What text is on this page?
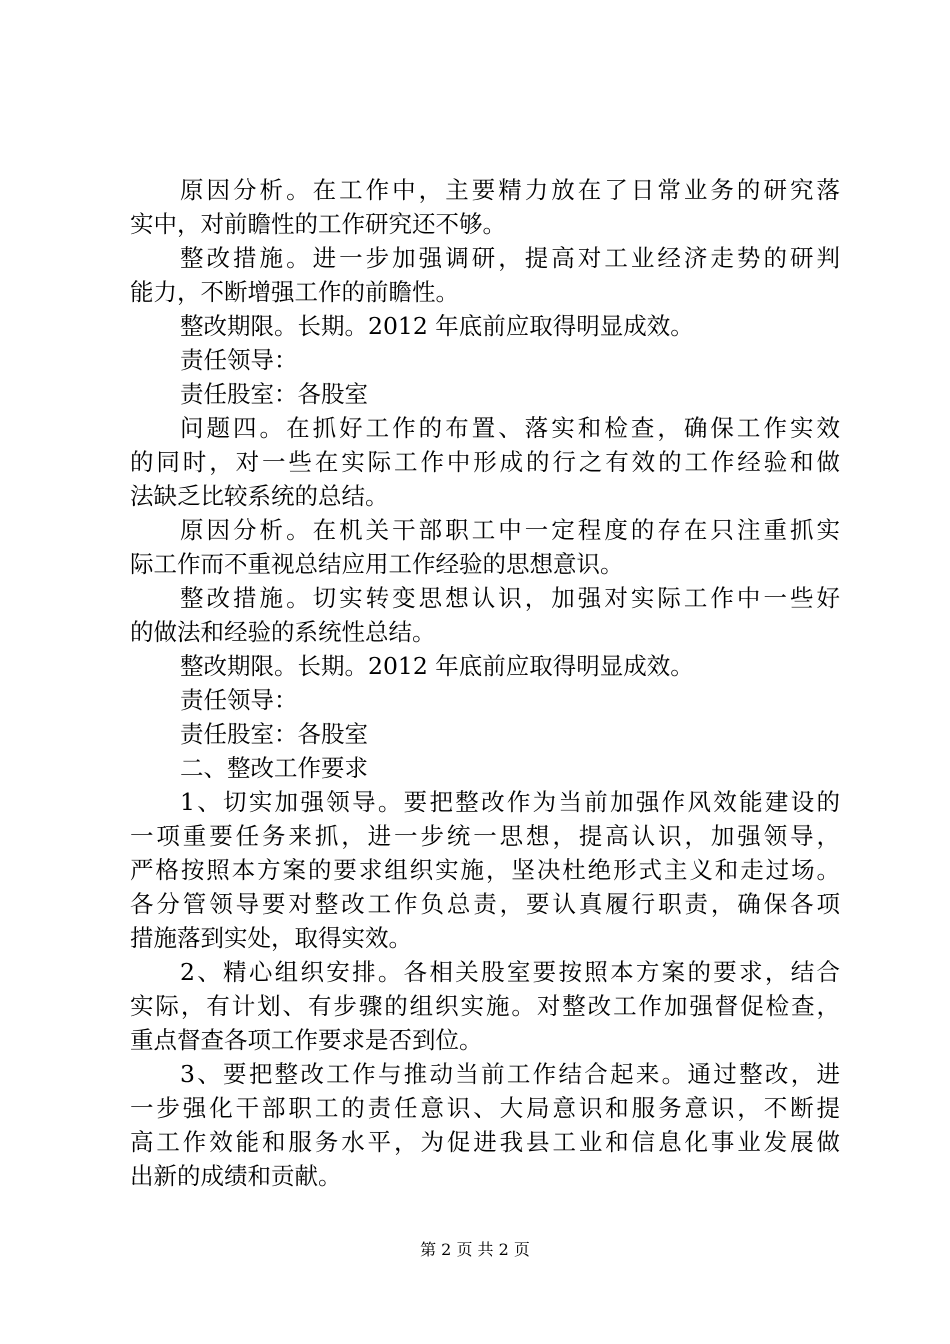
原因分析。在工作中，主要精力放在了日常业务的研究落
实中，对前瞻性的工作研究还不够。
整改措施。进一步加强调研，提高对工业经济走势的研判
能力，不断增强工作的前瞻性。
整改期限。长期。2012 年底前应取得明显成效。
责任领导：
责任股室：各股室
问题四。在抓好工作的布置、落实和检查，确保工作实效
的同时，对一些在实际工作中形成的行之有效的工作经验和做
法缺乏比较系统的总结。
原因分析。在机关干部职工中一定程度的存在只注重抓实
际工作而不重视总结应用工作经验的思想意识。
整改措施。切实转变思想认识，加强对实际工作中一些好
的做法和经验的系统性总结。
整改期限。长期。2012 年底前应取得明显成效。
责任领导：
责任股室：各股室
二、整改工作要求
1、切实加强领导。要把整改作为当前加强作风效能建设的
一项重要任务来抓，进一步统一思想，提高认识，加强领导，
严格按照本方案的要求组织实施，坚决杜绝形式主义和走过场。
各分管领导要对整改工作负总责，要认真履行职责，确保各项
措施落到实处，取得实效。
2、精心组织安排。各相关股室要按照本方案的要求，结合
实际，有计划、有步骤的组织实施。对整改工作加强督促检查，
重点督查各项工作要求是否到位。
3、要把整改工作与推动当前工作结合起来。通过整改，进
一步强化干部职工的责任意识、大局意识和服务意识，不断提
高工作效能和服务水平，为促进我县工业和信息化事业发展做
出新的成绩和贡献。
第 2 页 共 2 页
